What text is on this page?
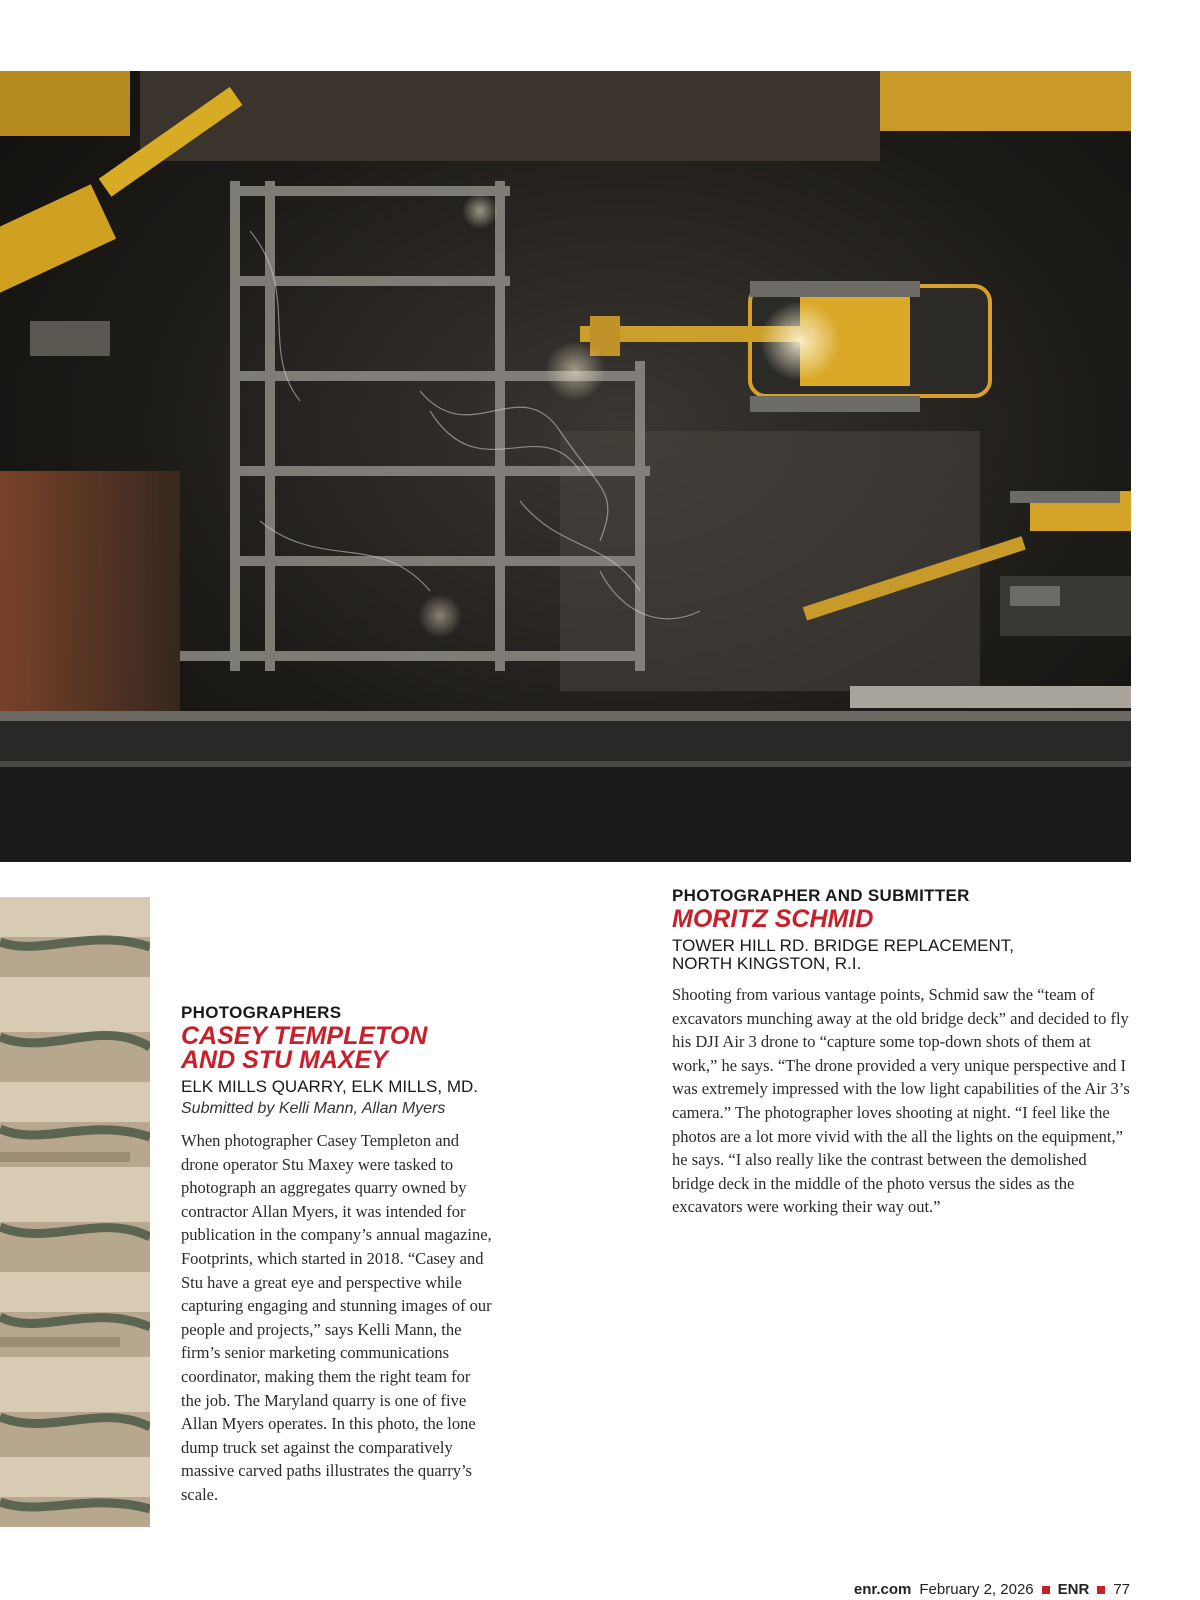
PHOTOGRAPHERS
CASEY TEMPLETON
AND STU MAXEY
ELK MILLS QUARRY, ELK MILLS, MD.
Submitted by Kelli Mann, Allan Myers

When photographer Casey Templeton and drone operator Stu Maxey were tasked to photograph an aggregates quarry owned by contractor Allan Myers, it was intended for publication in the company’s annual magazine, Footprints, which started in 2018. “Casey and Stu have a great eye and perspective while capturing engaging and stunning images of our people and projects,” says Kelli Mann, the firm’s senior marketing communications coordinator, making them the right team for the job. The Maryland quarry is one of five Allan Myers operates. In this photo, the lone dump truck set against the comparatively massive carved paths illustrates the quarry’s scale.

PHOTOGRAPHER AND SUBMITTER
MORITZ SCHMID
TOWER HILL RD. BRIDGE REPLACEMENT,
NORTH KINGSTON, R.I.

Shooting from various vantage points, Schmid saw the “team of excavators munching away at the old bridge deck” and decided to fly his DJI Air 3 drone to “capture some top-down shots of them at work,” he says. “The drone provided a very unique perspective and I was extremely impressed with the low light capabilities of the Air 3’s camera.” The photographer loves shooting at night. “I feel like the photos are a lot more vivid with the all the lights on the equipment,” he says. “I also really like the contrast between the demolished bridge deck in the middle of the photo versus the sides as the excavators were working their way out.”

enr.com February 2, 2026 ENR 77
